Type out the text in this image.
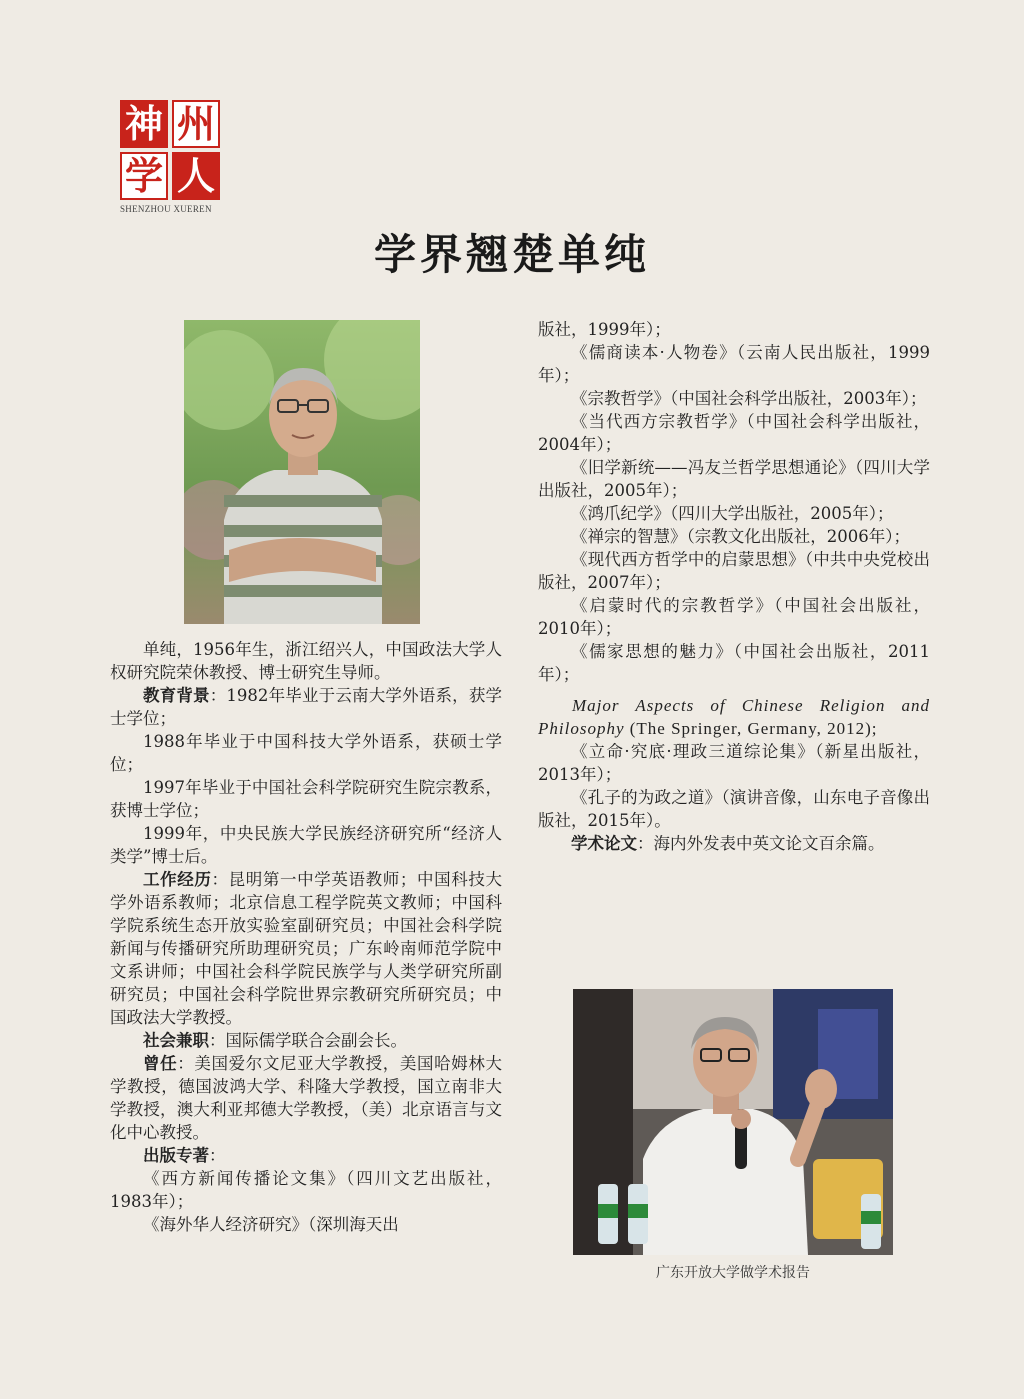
神 州
学 人
SHENZHOU XUEREN
学界翘楚单纯
广东开放大学做学术报告

单纯，1956年生，浙江绍兴人，中国政法大学人权研究院荣休教授、博士研究生导师。

教育背景：1982年毕业于云南大学外语系，获学士学位；

1988年毕业于中国科技大学外语系，获硕士学位；

1997年毕业于中国社会科学院研究生院宗教系，获博士学位；

1999年，中央民族大学民族经济研究所“经济人类学”博士后。

工作经历：昆明第一中学英语教师；中国科技大学外语系教师；北京信息工程学院英文教师；中国科学院系统生态开放实验室副研究员；中国社会科学院新闻与传播研究所助理研究员；广东岭南师范学院中文系讲师；中国社会科学院民族学与人类学研究所副研究员；中国社会科学院世界宗教研究所研究员；中国政法大学教授。

社会兼职：国际儒学联合会副会长。

曾任：美国爱尔文尼亚大学教授，美国哈姆林大学教授，德国波鸿大学、科隆大学教授，国立南非大学教授，澳大利亚邦德大学教授，（美）北京语言与文化中心教授。

出版专著：

《西方新闻传播论文集》（四川文艺出版社，1983年）；

《海外华人经济研究》（深圳海天出

版社，1999年）；

《儒商读本·人物卷》（云南人民出版社，1999年）；

《宗教哲学》（中国社会科学出版社，2003年）；

《当代西方宗教哲学》（中国社会科学出版社，2004年）；

《旧学新统——冯友兰哲学思想通论》（四川大学出版社，2005年）；

《鸿爪纪学》（四川大学出版社，2005年）；

《禅宗的智慧》（宗教文化出版社，2006年）；

《现代西方哲学中的启蒙思想》（中共中央党校出版社，2007年）；

《启蒙时代的宗教哲学》（中国社会出版社，2010年）；

《儒家思想的魅力》（中国社会出版社，2011年）；

Major Aspects of Chinese Religion and Philosophy (The Springer, Germany, 2012);

《立命·究底·理政三道综论集》（新星出版社，2013年）；

《孔子的为政之道》（演讲音像，山东电子音像出版社，2015年）。

学术论文：海内外发表中英文论文百余篇。
